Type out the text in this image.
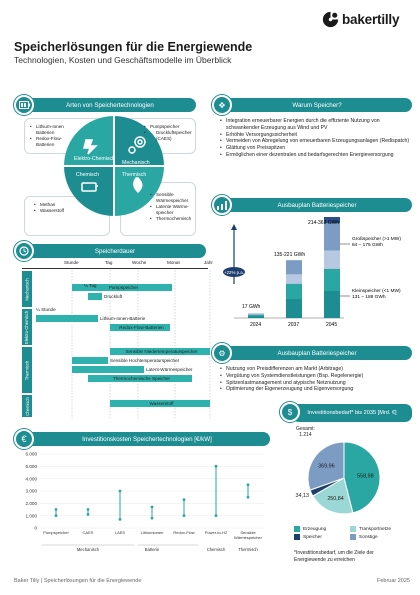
bakertilly
Speicherlösungen für die Energiewende
Technologien, Kosten und Geschäftsmodelle im Überblick
Arten von Speichertechnologien
Elektro-Chemisch
Mechanisch
Chemisch	Thermisch
• Lithium-Ionen Batterien
• Redox-Flow-Batterien
• Pumpspeicher
• Druckluftspeicher (CAES)
• Methan
• Wasserstoff
• Sensible Wärmespeicher
• Latente Wärme-speicher
• Thermochemisch
Warum Speicher?
✥
• Integration erneuerbarer Energien durch die effiziente Nutzung von schwankender Erzeugung aus Wind und PV
• Erhöhte Versorgungssicherheit
• Vermeiden von Abregelung von erneuerbaren Erzeugungsanlagen (Redispatch)
• Glättung von Preisspitzen
• Ermöglichen einer dezentralen und bedarfsgerechten Energieversorgung
Ausbauplan Batteriespeicher
+22% p.a.
17 GWh
135-221 GWh
214-363 GWh
2024	2037	2045
Großspeicher (>1 MW)
84 – 175 GWh
Kleinspeicher (<1 MW)
131 – 188 GWh
Speicherdauer
Stunde	Tag	Woche	Monat	Jahr
Mechanisch
Elektro-Chemisch
Thermisch
Chemisch
Pumpspeicher
¼ Tag
Druckluft
¼ Stunde
Lithium-Ionen-Batterie
Redox-Flow-Batterien
Sensible Niedertemperaturspeicher
Sensible Hochtemperaturspeicher
Latent-Wärmespeicher
Thermochemische Speicher
Wasserstoff
Ausbauplan Batteriespeicher
⚙
• Nutzung von Preisdifferenzen am Markt (Arbitrage)
• Vergütung von Systemdienstleistungen (Bsp. Regelenergie)
• Spitzenlastmanagement und atypische Netznutzung
• Optimierung der Eigenerzeugung und Eigenversorgung
Investitionskosten Speichertechnologien [€/kW]
€
0
1.000
2.000
3.000
4.000
5.000
6.000
Pumpspeicher	CAES	LAES	Lithiumionen Redox-Flow	Power-to-H2	Sensible
Wärmespeicher
Mechanisch	Batterie	Chemisch	Thermisch
Investitionsbedarf* bis 2035 [Mrd. €]
$
Gesamt:
1.214
558,98
250,84
34,13
369,96
Erzeugung	Transportnetze
Speicher	Sonstige
*Investitionsbedarf, um die Ziele der Energiewende zu erreichen
Baker Tilly | Speicherlösungen für die Energiewende	Februar 2025
